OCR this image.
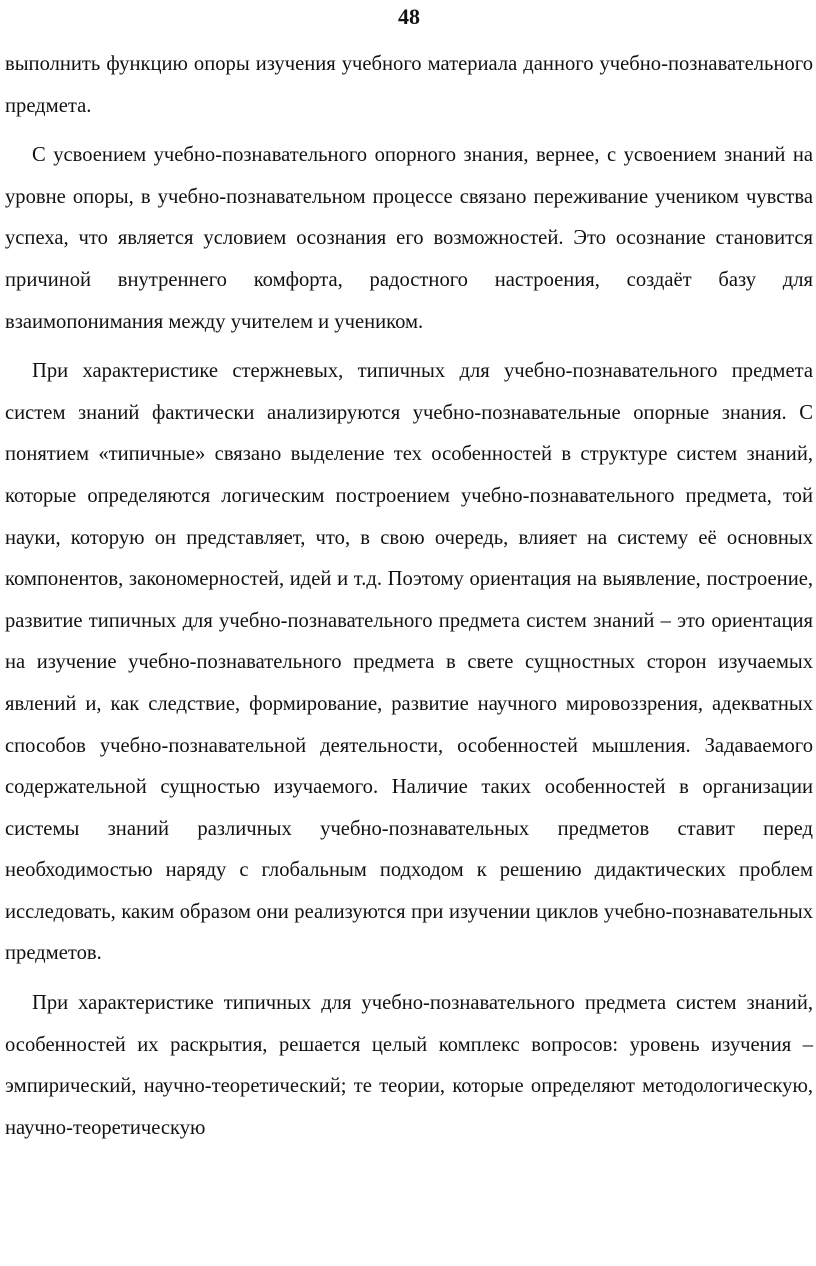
48

выполнить функцию опоры изучения учебного материала данного учебно-познавательного предмета.

С усвоением учебно-познавательного опорного знания, вернее, с усвоением знаний на уровне опоры, в учебно-познавательном процессе связано переживание учеником чувства успеха, что является условием осознания его возможностей. Это осознание становится причиной внутреннего комфорта, радостного настроения, создаёт базу для взаимопонимания между учителем и учеником.

При характеристике стержневых, типичных для учебно-познавательного предмета систем знаний фактически анализируются учебно-познавательные опорные знания. С понятием «типичные» связано выделение тех особенностей в структуре систем знаний, которые определяются логическим построением учебно-познавательного предмета, той науки, которую он представляет, что, в свою очередь, влияет на систему её основных компонентов, закономерностей, идей и т.д. Поэтому ориентация на выявление, построение, развитие типичных для учебно-познавательного предмета систем знаний – это ориентация на изучение учебно-познавательного предмета в свете сущностных сторон изучаемых явлений и, как следствие, формирование, развитие научного мировоззрения, адекватных способов учебно-познавательной деятельности, особенностей мышления. Задаваемого содержательной сущностью изучаемого. Наличие таких особенностей в организации системы знаний различных учебно-познавательных предметов ставит перед необходимостью наряду с глобальным подходом к решению дидактических проблем исследовать, каким образом они реализуются при изучении циклов учебно-познавательных предметов.

При характеристике типичных для учебно-познавательного предмета систем знаний, особенностей их раскрытия, решается целый комплекс вопросов: уровень изучения – эмпирический, научно-теоретический; те теории, которые определяют методологическую, научно-теоретическую
